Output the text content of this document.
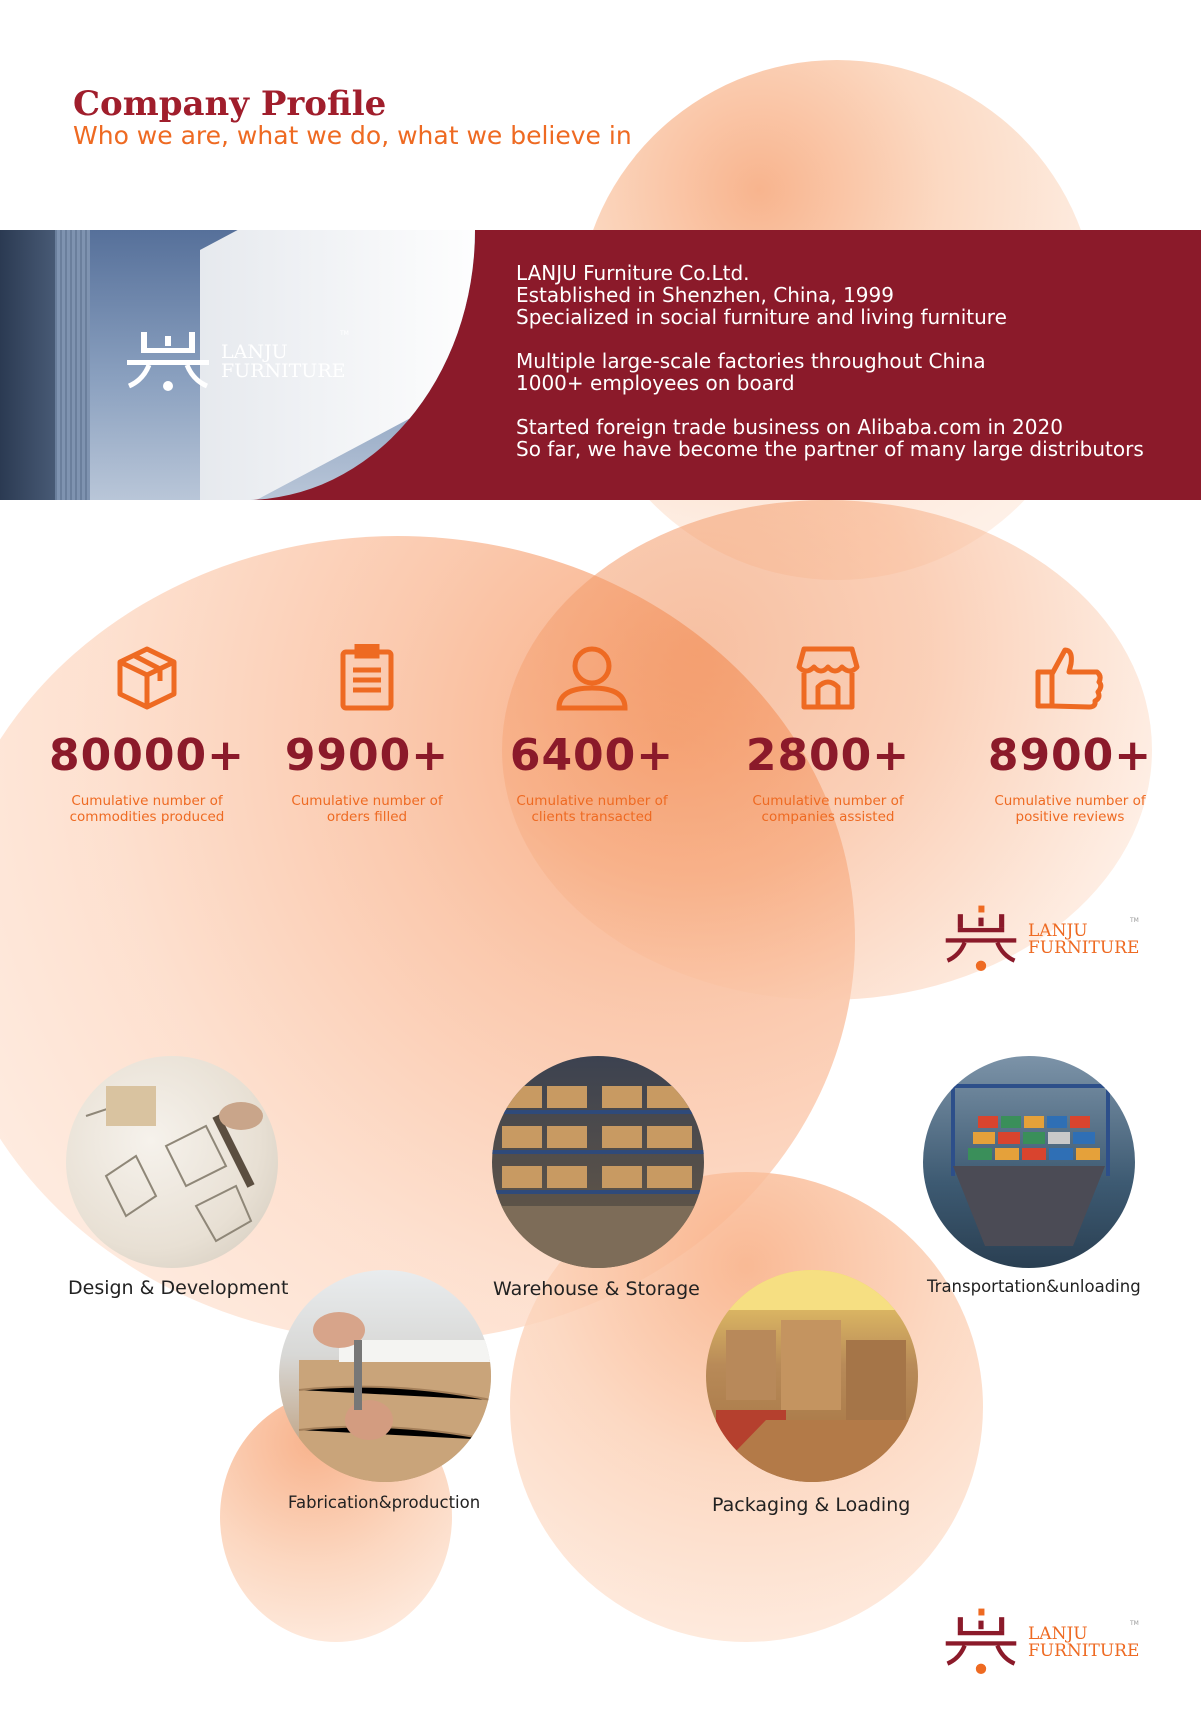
Company Profile
Who we are, what we do, what we believe in
LANJU
FURNITURE
TM

LANJU Furniture Co.Ltd.
Established in Shenzhen, China, 1999
Specialized in social furniture and living furniture

Multiple large-scale factories throughout China
1000+ employees on board

Started foreign trade business on Alibaba.com in 2020
So far, we have become the partner of many large distributors

80000+
Cumulative number of
commodities produced
9900+
Cumulative number of
orders filled
6400+
Cumulative number of
clients transacted
2800+
Cumulative number of
companies assisted
8900+
Cumulative number of
positive reviews
LANJU
FURNITURE
TM
Design & Development	Warehouse & Storage	Transportation&unloading
Fabrication&production	Packaging & Loading
LANJU
FURNITURE
TM
